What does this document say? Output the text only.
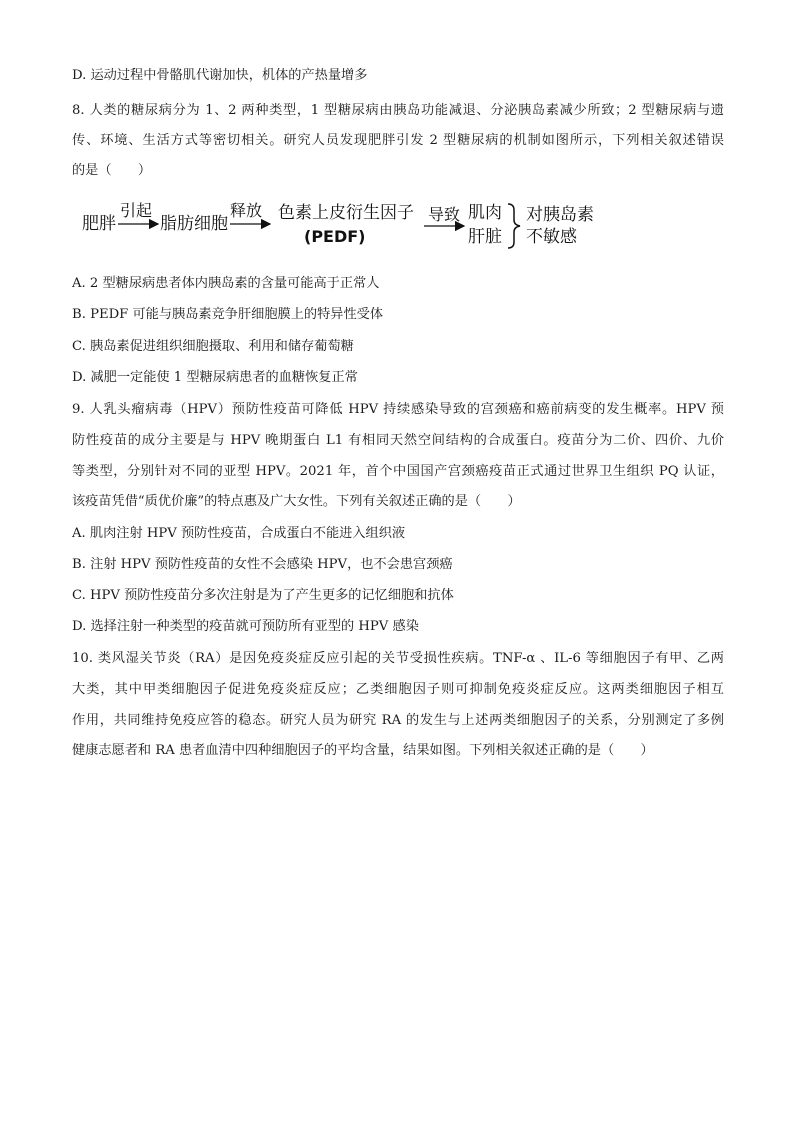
D. 运动过程中骨骼肌代谢加快，机体的产热量增多
8. 人类的糖尿病分为 1、2 两种类型，1 型糖尿病由胰岛功能减退、分泌胰岛素减少所致；2 型糖尿病与遗
传、环境、生活方式等密切相关。研究人员发现肥胖引发 2 型糖尿病的机制如图所示，下列相关叙述错误
的是（　　）
肥胖
引起
脂肪细胞
释放 色素上皮衍生因子
(PEDF)
导致 肌肉
肝脏
对胰岛素
不敏感
A. 2 型糖尿病患者体内胰岛素的含量可能高于正常人
B. PEDF 可能与胰岛素竞争肝细胞膜上的特异性受体
C. 胰岛素促进组织细胞摄取、利用和储存葡萄糖
D. 减肥一定能使 1 型糖尿病患者的血糖恢复正常
9. 人乳头瘤病毒（HPV）预防性疫苗可降低 HPV 持续感染导致的宫颈癌和癌前病变的发生概率。HPV 预
防性疫苗的成分主要是与 HPV 晚期蛋白 L1 有相同天然空间结构的合成蛋白。疫苗分为二价、四价、九价
等类型，分别针对不同的亚型 HPV。2021 年，首个中国国产宫颈癌疫苗正式通过世界卫生组织 PQ 认证，
该疫苗凭借“质优价廉”的特点惠及广大女性。下列有关叙述正确的是（　　）
A. 肌肉注射 HPV 预防性疫苗，合成蛋白不能进入组织液
B. 注射 HPV 预防性疫苗的女性不会感染 HPV，也不会患宫颈癌
C. HPV 预防性疫苗分多次注射是为了产生更多的记忆细胞和抗体
D. 选择注射一种类型的疫苗就可预防所有亚型的 HPV 感染
10. 类风湿关节炎（RA）是因免疫炎症反应引起的关节受损性疾病。TNF-α 、IL-6 等细胞因子有甲、乙两
大类，其中甲类细胞因子促进免疫炎症反应；乙类细胞因子则可抑制免疫炎症反应。这两类细胞因子相互
作用，共同维持免疫应答的稳态。研究人员为研究 RA 的发生与上述两类细胞因子的关系，分别测定了多例
健康志愿者和 RA 患者血清中四种细胞因子的平均含量，结果如图。下列相关叙述正确的是（　　）
